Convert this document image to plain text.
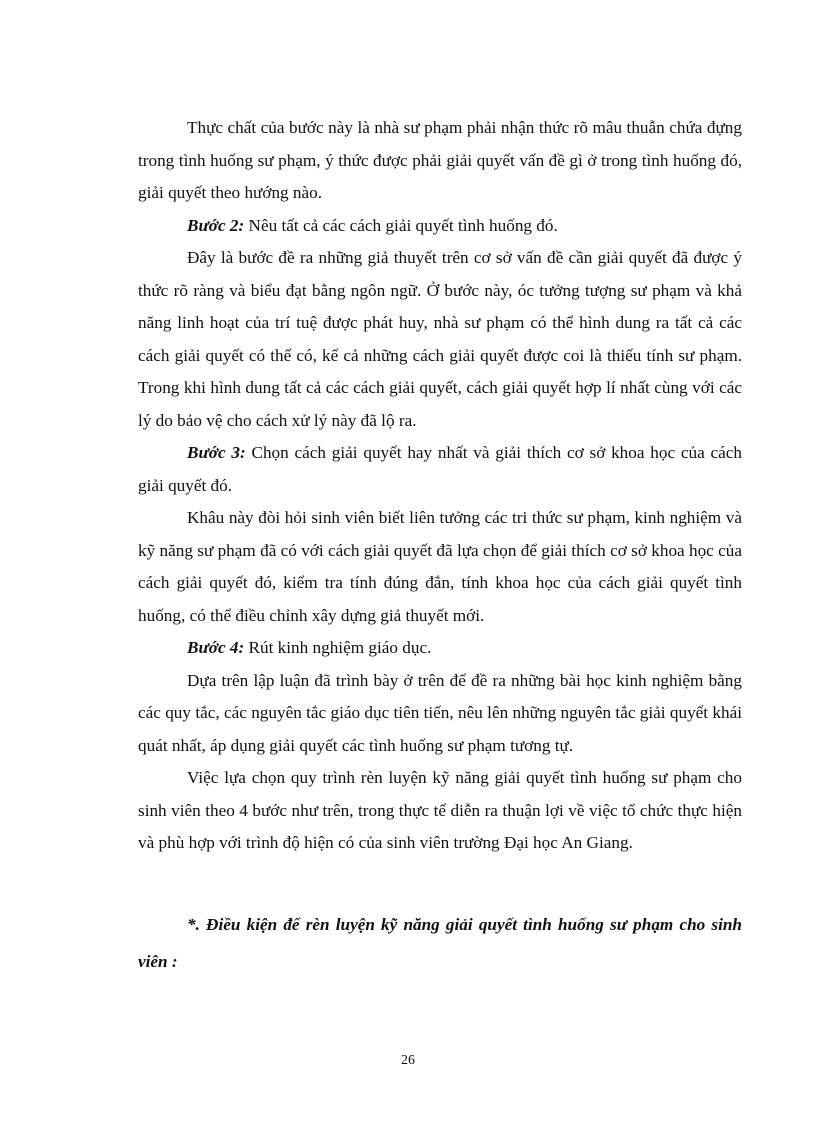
Thực chất của bước này là nhà sư phạm phải nhận thức rõ mâu thuẫn chứa đựng trong tình huống sư phạm, ý thức được phải giải quyết vấn đề gì ở trong tình huống đó, giải quyết theo hướng nào.

Bước 2: Nêu tất cả các cách giải quyết tình huống đó.

Đây là bước đề ra những giả thuyết trên cơ sở vấn đề cần giải quyết đã được ý thức rõ ràng và biểu đạt bằng ngôn ngữ. Ở bước này, óc tưởng tượng sư phạm và khả năng linh hoạt của trí tuệ được phát huy, nhà sư phạm có thể hình dung ra tất cả các cách giải quyết có thể có, kể cả những cách giải quyết được coi là thiếu tính sư phạm. Trong khi hình dung tất cả các cách giải quyết, cách giải quyết hợp lí nhất cùng với các lý do bảo vệ cho cách xử lý này đã lộ ra.

Bước 3: Chọn cách giải quyết hay nhất và giải thích cơ sở khoa học của cách giải quyết đó.

Khâu này đòi hỏi sinh viên biết liên tưởng các tri thức sư phạm, kinh nghiệm và kỹ năng sư phạm đã có với cách giải quyết đã lựa chọn để giải thích cơ sở khoa học của cách giải quyết đó, kiểm tra tính đúng đắn, tính khoa học của cách giải quyết tình huống, có thể điều chỉnh xây dựng giả thuyết mới.

Bước 4: Rút kinh nghiệm giáo dục.

Dựa trên lập luận đã trình bày ở trên để đề ra những bài học kinh nghiệm bằng các quy tắc, các nguyên tắc giáo dục tiên tiến, nêu lên những nguyên tắc giải quyết khái quát nhất, áp dụng giải quyết các tình huống sư phạm tương tự.

Việc lựa chọn quy trình rèn luyện kỹ năng giải quyết tình huống sư phạm cho sinh viên theo 4 bước như trên, trong thực tế diễn ra thuận lợi về việc tổ chức thực hiện và phù hợp với trình độ hiện có của sinh viên trường Đại học An Giang.

*. Điều kiện để rèn luyện kỹ năng giải quyết tình huống sư phạm cho sinh viên :

26
